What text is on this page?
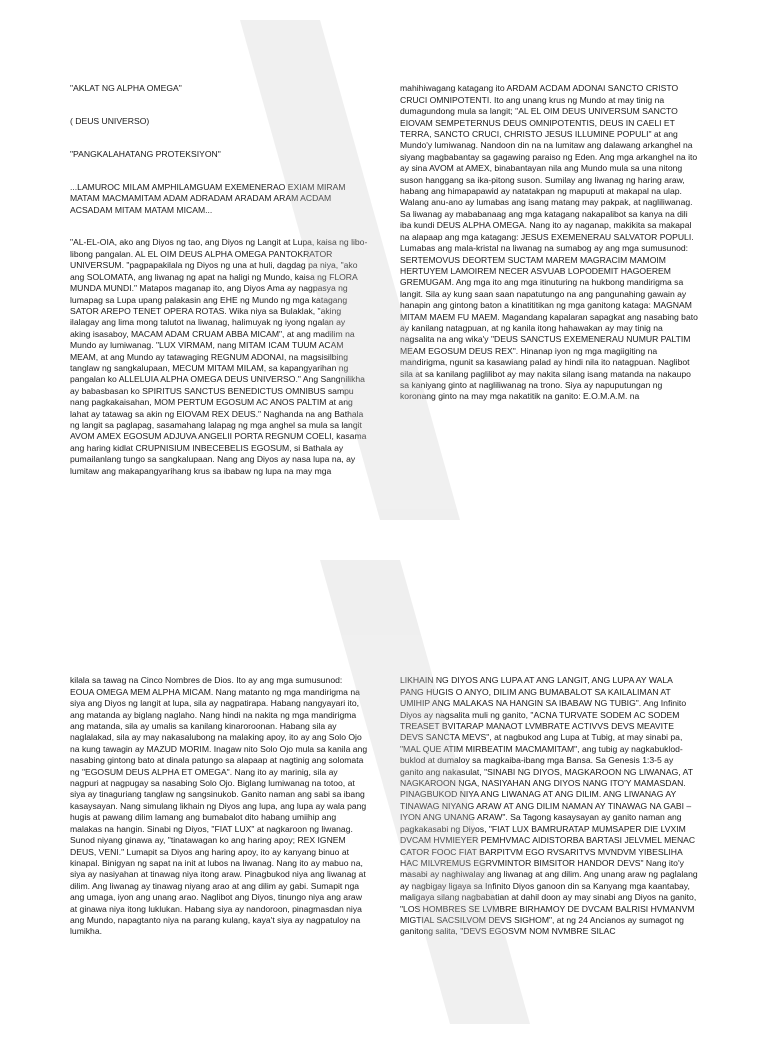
"AKLAT NG ALPHA OMEGA"

( DEUS UNIVERSO)

"PANGKALAHATANG PROTEKSIYON"

...LAMUROC MILAM AMPHILAMGUAM EXEMENERAO EXIAM MIRAM MATAM MACMAMITAM ADAM ADRADAM ARADAM ARAM ACDAM ACSADAM MITAM MATAM MICAM...

"AL-EL-OIA, ako ang Diyos ng tao, ang Diyos ng Langit at Lupa, kaisa ng libo-libong pangalan. AL EL OIM DEUS ALPHA OMEGA PANTOKRATOR UNIVERSUM. "pagpapakilala ng Diyos ng una at huli, dagdag pa niya, "ako ang SOLOMATA, ang liwanag ng apat na haligi ng Mundo, kaisa ng FLORA MUNDA MUNDI." Matapos maganap ito, ang Diyos Ama ay nagpasya ng lumapag sa Lupa upang palakasin ang EHE ng Mundo ng mga katagang SATOR AREPO TENET OPERA ROTAS. Wika niya sa Bulaklak, "aking ilalagay ang lima mong talutot na liwanag, halimuyak ng iyong ngalan ay aking isasaboy, MACAM ADAM CRUAM ABBA MICAM", at ang madilim na Mundo ay lumiwanag. "LUX VIRMAM, nang MITAM ICAM TUUM ACAM MEAM, at ang Mundo ay tatawaging REGNUM ADONAI, na magsisilbing tanglaw ng sangkalupaan, MECUM MITAM MILAM, sa kapangyarihan ng pangalan ko ALLELUIA ALPHA OMEGA DEUS UNIVERSO." Ang Sangnilikha ay babasbasan ko SPIRITUS SANCTUS BENEDICTUS OMNIBUS sampu nang pagkakaisahan, MOM PERTUM EGOSUM AC ANOS PALTIM at ang lahat ay tatawag sa akin ng EIOVAM REX DEUS." Naghanda na ang Bathala ng langit sa paglapag, sasamahang lalapag ng mga anghel sa mula sa langit AVOM AMEX EGOSUM ADJUVA ANGELII PORTA REGNUM COELI, kasama ang haring kidlat CRUPNISIUM INBECEBELIS EGOSUM, si Bathala ay pumailanlang tungo sa sangkalupaan. Nang ang Diyos ay nasa lupa na, ay lumitaw ang makapangyarihang krus sa ibabaw ng lupa na may mga

mahihiwagang katagang ito ARDAM ACDAM ADONAI SANCTO CRISTO CRUCI OMNIPOTENTI. Ito ang unang krus ng Mundo at may tinig na dumagundong mula sa langit; "AL EL OIM DEUS UNIVERSUM SANCTO EIOVAM SEMPETERNUS DEUS OMNIPOTENTIS, DEUS IN CAELI ET TERRA, SANCTO CRUCI, CHRISTO JESUS ILLUMINE POPULI" at ang Mundo'y lumiwanag. Nandoon din na na lumitaw ang dalawang arkanghel na siyang magbabantay sa gagawing paraiso ng Eden. Ang mga arkanghel na ito ay sina AVOM at AMEX, binabantayan nila ang Mundo mula sa una nitong suson hanggang sa ika-pitong suson. Sumilay ang liwanag ng haring araw, habang ang himapapawid ay natatakpan ng mapuputi at makapal na ulap. Walang anu-ano ay lumabas ang isang matang may pakpak, at nagliliwanag. Sa liwanag ay mababanaag ang mga katagang nakapalibot sa kanya na dili iba kundi DEUS ALPHA OMEGA. Nang ito ay naganap, makikita sa makapal na alapaap ang mga katagang: JESUS EXEMENERAU SALVATOR POPULI. Lumabas ang mala-kristal na liwanag na sumabog ay ang mga sumusunod: SERTEMOVUS DEORTEM SUCTAM MAREM MAGRACIM MAMOIM HERTUYEM LAMOIREM NECER ASVUAB LOPODEMIT HAGOEREM GREMUGAM. Ang mga ito ang mga itinuturing na hukbong mandirigma sa langit. Sila ay kung saan saan napatutungo na ang pangunahing gawain ay hanapin ang gintong baton a kinatititikan ng mga ganitong kataga: MAGNAM MITAM MAEM FU MAEM. Magandang kapalaran sapagkat ang nasabing bato ay kanilang natagpuan, at ng kanila itong hahawakan ay may tinig na nagsalita na ang wika'y "DEUS SANCTUS EXEMENERAU NUMUR PALTIM MEAM EGOSUM DEUS REX". Hinanap iyon ng mga magiigiting na mandirigma, ngunit sa kasawiang palad ay hindi nila ito natagpuan. Naglibot sila at sa kanilang paglilibot ay may nakita silang isang matanda na nakaupo sa kaniyang ginto at nagliliwanag na trono. Siya ay napuputungan ng koronang ginto na may mga nakatitik na ganito: E.O.M.A.M. na

kilala sa tawag na Cinco Nombres de Dios. Ito ay ang mga sumusunod: EOUA OMEGA MEM ALPHA MICAM. Nang matanto ng mga mandirigma na siya ang Diyos ng langit at lupa, sila ay nagpatirapa. Habang nangyayari ito, ang matanda ay biglang naglaho. Nang hindi na nakita ng mga mandirigma ang matanda, sila ay umalis sa kanilang kinaroroonan. Habang sila ay naglalakad, sila ay may nakasalubong na malaking apoy, ito ay ang Solo Ojo na kung tawagin ay MAZUD MORIM. Inagaw nito Solo Ojo mula sa kanila ang nasabing gintong bato at dinala patungo sa alapaap at nagtinig ang solomata ng "EGOSUM DEUS ALPHA ET OMEGA". Nang ito ay marinig, sila ay nagpuri at nagpugay sa nasabing Solo Ojo. Biglang lumiwanag na totoo, at siya ay tinaguriang tanglaw ng sangsinukob. Ganito naman ang sabi sa ibang kasaysayan. Nang simulang likhain ng Diyos ang lupa, ang lupa ay wala pang hugis at pawang dilim lamang ang bumabalot dito habang umiihip ang malakas na hangin. Sinabi ng Diyos, "FIAT LUX" at nagkaroon ng liwanag. Sunod niyang ginawa ay, "tinatawagan ko ang haring apoy; REX IGNEM DEUS, VENI." Lumapit sa Diyos ang haring apoy, ito ay kanyang binuo at kinapal. Binigyan ng sapat na init at lubos na liwanag. Nang ito ay mabuo na, siya ay nasiyahan at tinawag niya itong araw. Pinagbukod niya ang liwanag at dilim. Ang liwanag ay tinawag niyang arao at ang dilim ay gabi. Sumapit nga ang umaga, iyon ang unang arao. Naglibot ang Diyos, tinungo niya ang araw at ginawa niya itong luklukan. Habang siya ay nandoroon, pinagmasdan niya ang Mundo, napagtanto niya na parang kulang, kaya't siya ay nagpatuloy na lumikha.

LIKHAIN NG DIYOS ANG LUPA AT ANG LANGIT, ANG LUPA AY WALA PANG HUGIS O ANYO, DILIM ANG BUMABALOT SA KAILALIMAN AT UMIHIP ANG MALAKAS NA HANGIN SA IBABAW NG TUBIG". Ang Infinito Diyos ay nagsalita muli ng ganito, "ACNA TURVATE SODEM AC SODEM TREASET BVITARAP MANAOT LVMBRATE ACTIVVS DEVS MEAVITE DEVS SANCTA MEVS", at nagbukod ang Lupa at Tubig, at may sinabi pa, "MAL QUE ATIM MIRBEATIM MACMAMITAM", ang tubig ay nagkabuklod-buklod at dumaloy sa magkaiba-ibang mga Bansa. Sa Genesis 1:3-5 ay ganito ang nakasulat, "SINABI NG DIYOS, MAGKAROON NG LIWANAG, AT NAGKAROON NGA, NASIYAHAN ANG DIYOS NANG ITO'Y MAMASDAN. PINAGBUKOD NIYA ANG LIWANAG AT ANG DILIM. ANG LIWANAG AY TINAWAG NIYANG ARAW AT ANG DILIM NAMAN AY TINAWAG NA GABI – IYON ANG UNANG ARAW". Sa Tagong kasaysayan ay ganito naman ang pagkakasabi ng Diyos, "FIAT LUX BAMRURATAP MUMSAPER DIE LVXIM DVCAM HVMIEYER PEMHVMAC AIDISTORBA BARTASI JELVMEL MENAC CATOR FOOC FIAT BARPITVM EGO RVSARITVS MVNDVM YIBESLIHA HAC MILVREMUS EGRVMINTOR BIMSITOR HANDOR DEVS" Nang ito'y masabi ay naghiwalay ang liwanag at ang dilim. Ang unang araw ng paglalang ay nagbigay ligaya sa Infinito Diyos ganoon din sa Kanyang mga kaantabay, maligaya silang nagbabatian at dahil doon ay may sinabi ang Diyos na ganito, "LOS HOMBRES SE LVMBRE BIRHAMOY DE DVCAM BALRISI HVMANVM MIGTIAL SACSILVOM DEVS SIGHOM", at ng 24 Ancianos ay sumagot ng ganitong salita, "DEVS EGOSVM NOM NVMBRE SILAC
